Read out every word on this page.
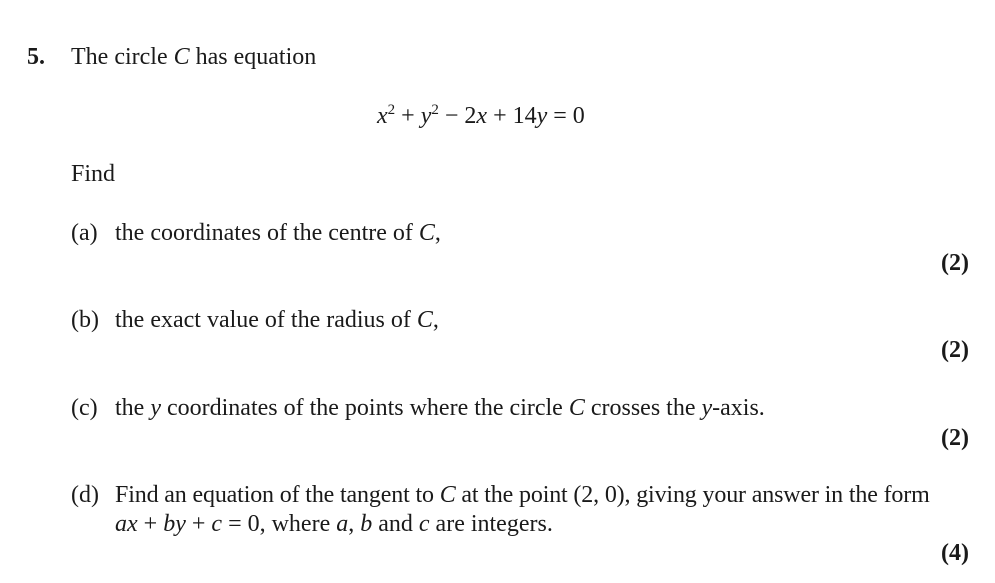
5. The circle C has equation
$x^2 + y^2 - 2x + 14y = 0$
Find
(a) the coordinates of the centre of C,
(2)
(b) the exact value of the radius of C,
(2)
(c) the y coordinates of the points where the circle C crosses the y-axis.
(2)
(d) Find an equation of the tangent to C at the point (2, 0), giving your answer in the form
ax + by + c = 0, where a, b and c are integers.
(4)
